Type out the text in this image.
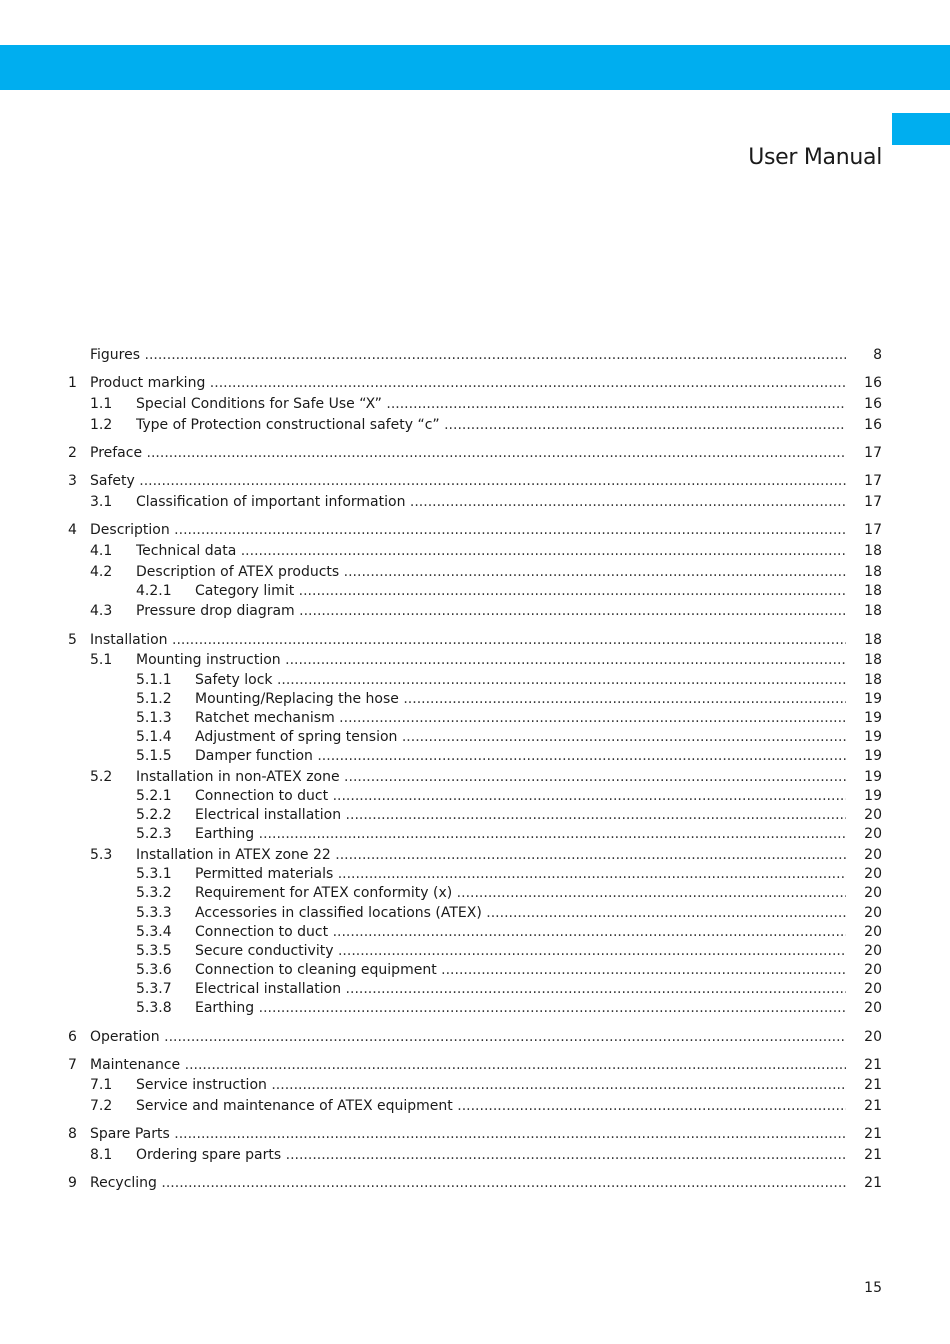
User Manual
Figures .....	8
1 Product marking .....	16
1.1 Special Conditions for Safe Use “X” .....	16
1.2 Type of Protection constructional safety “c” .....	16
2 Preface .....	17
3 Safety .....	17
3.1 Classification of important information .....	17
4 Description .....	17
4.1 Technical data .....	18
4.2 Description of ATEX products .....	18
4.2.1 Category limit .....	18
4.3 Pressure drop diagram .....	18
5 Installation .....	18
5.1 Mounting instruction .....	18
5.1.1 Safety lock .....	18
5.1.2 Mounting/Replacing the hose .....	19
5.1.3 Ratchet mechanism .....	19
5.1.4 Adjustment of spring tension .....	19
5.1.5 Damper function .....	19
5.2 Installation in non-ATEX zone .....	19
5.2.1 Connection to duct .....	19
5.2.2 Electrical installation .....	20
5.2.3 Earthing .....	20
5.3 Installation in ATEX zone 22 .....	20
5.3.1 Permitted materials .....	20
5.3.2 Requirement for ATEX conformity (x) .....	20
5.3.3 Accessories in classified locations (ATEX) .....	20
5.3.4 Connection to duct .....	20
5.3.5 Secure conductivity .....	20
5.3.6 Connection to cleaning equipment .....	20
5.3.7 Electrical installation .....	20
5.3.8 Earthing .....	20
6 Operation .....	20
7 Maintenance .....	21
7.1 Service instruction .....	21
7.2 Service and maintenance of ATEX equipment .....	21
8 Spare Parts .....	21
8.1 Ordering spare parts .....	21
9 Recycling .....	21
15
